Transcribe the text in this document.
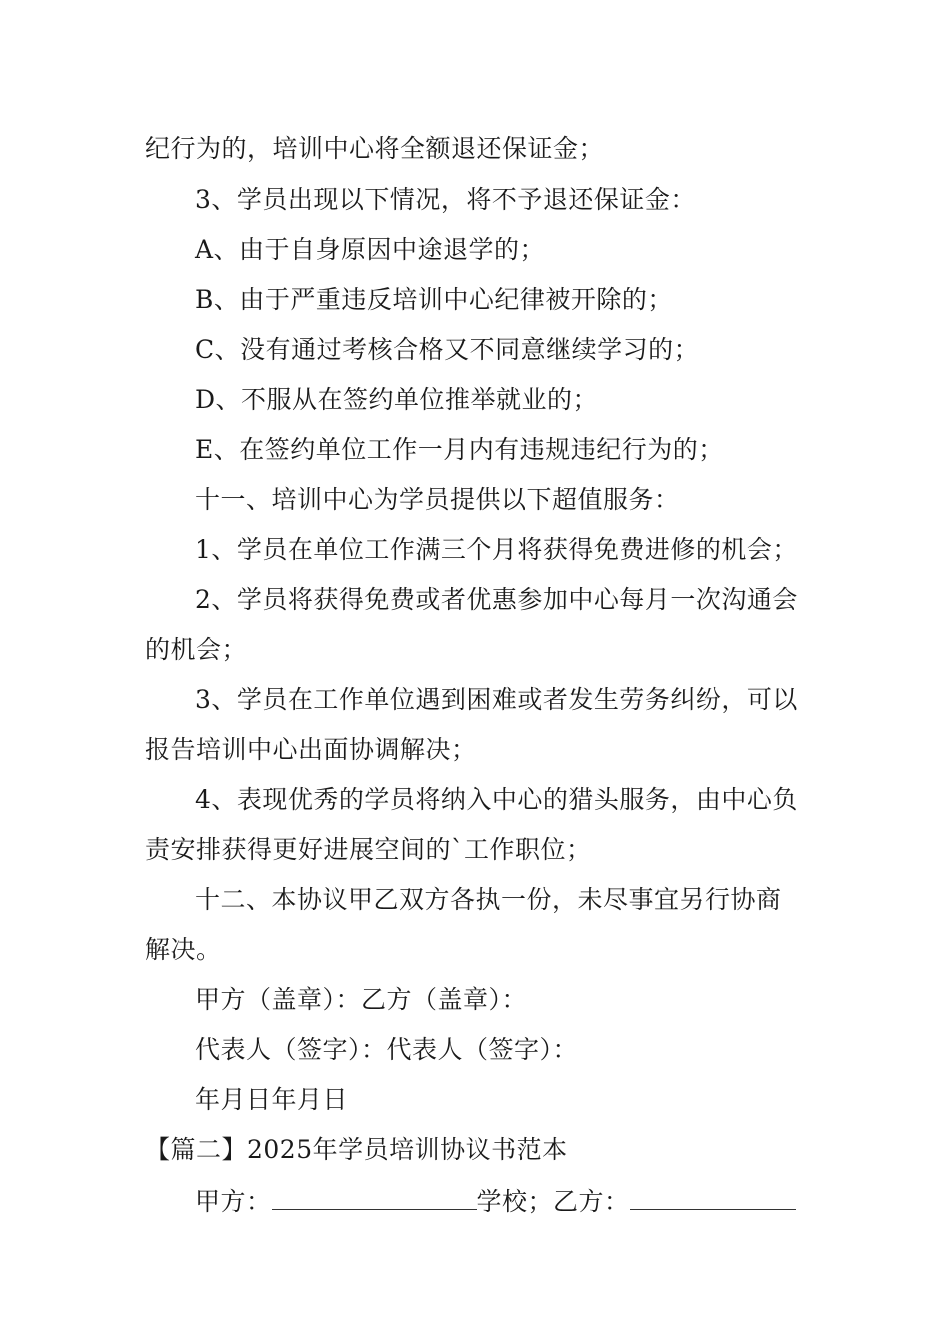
纪行为的，培训中心将全额退还保证金；
3、学员出现以下情况，将不予退还保证金：
A、由于自身原因中途退学的；
B、由于严重违反培训中心纪律被开除的；
C、没有通过考核合格又不同意继续学习的；
D、不服从在签约单位推举就业的；
E、在签约单位工作一月内有违规违纪行为的；
十一、培训中心为学员提供以下超值服务：
1、学员在单位工作满三个月将获得免费进修的机会；
2、学员将获得免费或者优惠参加中心每月一次沟通会
的机会；
3、学员在工作单位遇到困难或者发生劳务纠纷，可以
报告培训中心出面协调解决；
4、表现优秀的学员将纳入中心的猎头服务，由中心负
责安排获得更好进展空间的`工作职位；
十二、本协议甲乙双方各执一份，未尽事宜另行协商
解决。
甲方（盖章）：乙方（盖章）：
代表人（签字）：代表人（签字）：
年月日年月日
【篇二】2025年学员培训协议书范本
甲方：	学校；乙方：
